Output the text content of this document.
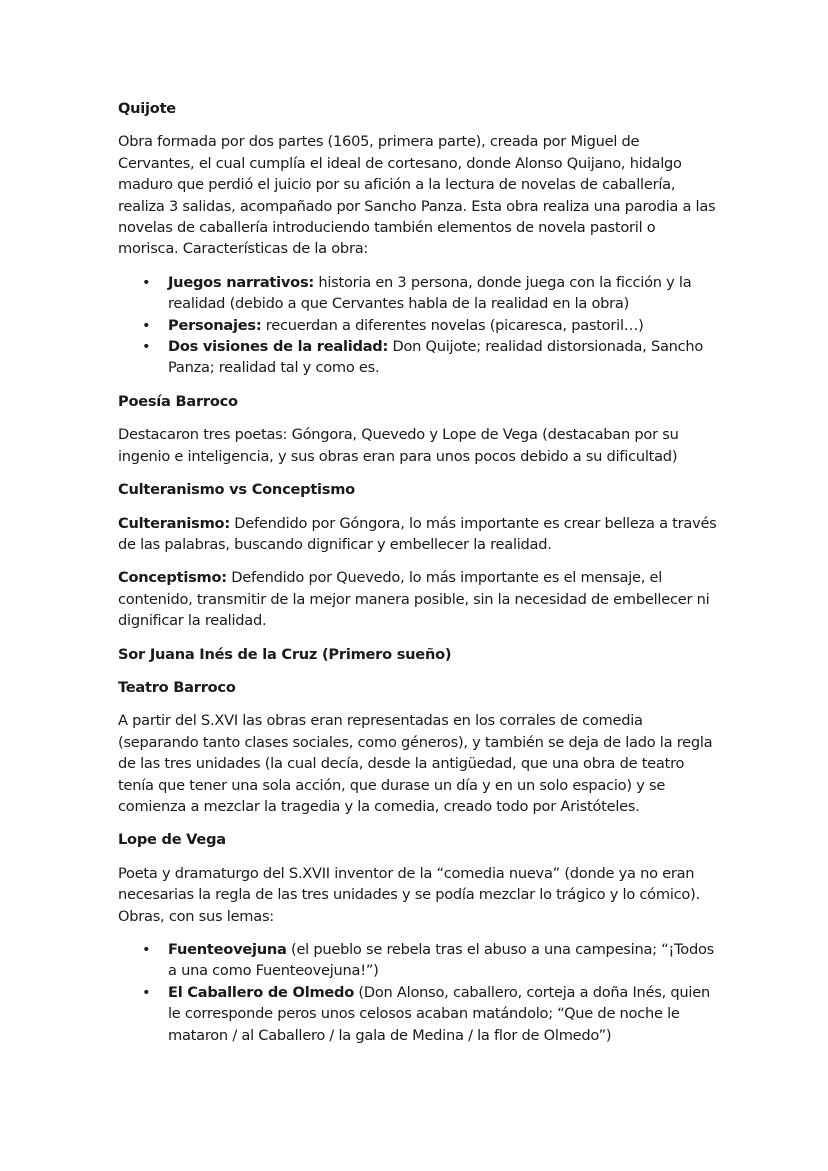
Quijote

Obra formada por dos partes (1605, primera parte), creada por Miguel de Cervantes, el cual cumplía el ideal de cortesano, donde Alonso Quijano, hidalgo maduro que perdió el juicio por su afición a la lectura de novelas de caballería, realiza 3 salidas, acompañado por Sancho Panza. Esta obra realiza una parodia a las novelas de caballería introduciendo también elementos de novela pastoril o morisca. Características de la obra:

• Juegos narrativos: historia en 3 persona, donde juega con la ficción y la realidad (debido a que Cervantes habla de la realidad en la obra)
• Personajes: recuerdan a diferentes novelas (picaresca, pastoril…)
• Dos visiones de la realidad: Don Quijote; realidad distorsionada, Sancho Panza; realidad tal y como es.
Poesía Barroco

Destacaron tres poetas: Góngora, Quevedo y Lope de Vega (destacaban por su ingenio e inteligencia, y sus obras eran para unos pocos debido a su dificultad)

Culteranismo vs Conceptismo

Culteranismo: Defendido por Góngora, lo más importante es crear belleza a través de las palabras, buscando dignificar y embellecer la realidad.

Conceptismo: Defendido por Quevedo, lo más importante es el mensaje, el contenido, transmitir de la mejor manera posible, sin la necesidad de embellecer ni dignificar la realidad.

Sor Juana Inés de la Cruz (Primero sueño)
Teatro Barroco

A partir del S.XVI las obras eran representadas en los corrales de comedia (separando tanto clases sociales, como géneros), y también se deja de lado la regla de las tres unidades (la cual decía, desde la antigüedad, que una obra de teatro tenía que tener una sola acción, que durase un día y en un solo espacio) y se comienza a mezclar la tragedia y la comedia, creado todo por Aristóteles.

Lope de Vega

Poeta y dramaturgo del S.XVII inventor de la “comedia nueva” (donde ya no eran necesarias la regla de las tres unidades y se podía mezclar lo trágico y lo cómico). Obras, con sus lemas:

• Fuenteovejuna (el pueblo se rebela tras el abuso a una campesina; “¡Todos a una como Fuenteovejuna!”)
• El Caballero de Olmedo (Don Alonso, caballero, corteja a doña Inés, quien le corresponde peros unos celosos acaban matándolo; “Que de noche le mataron / al Caballero / la gala de Medina / la flor de Olmedo”)
